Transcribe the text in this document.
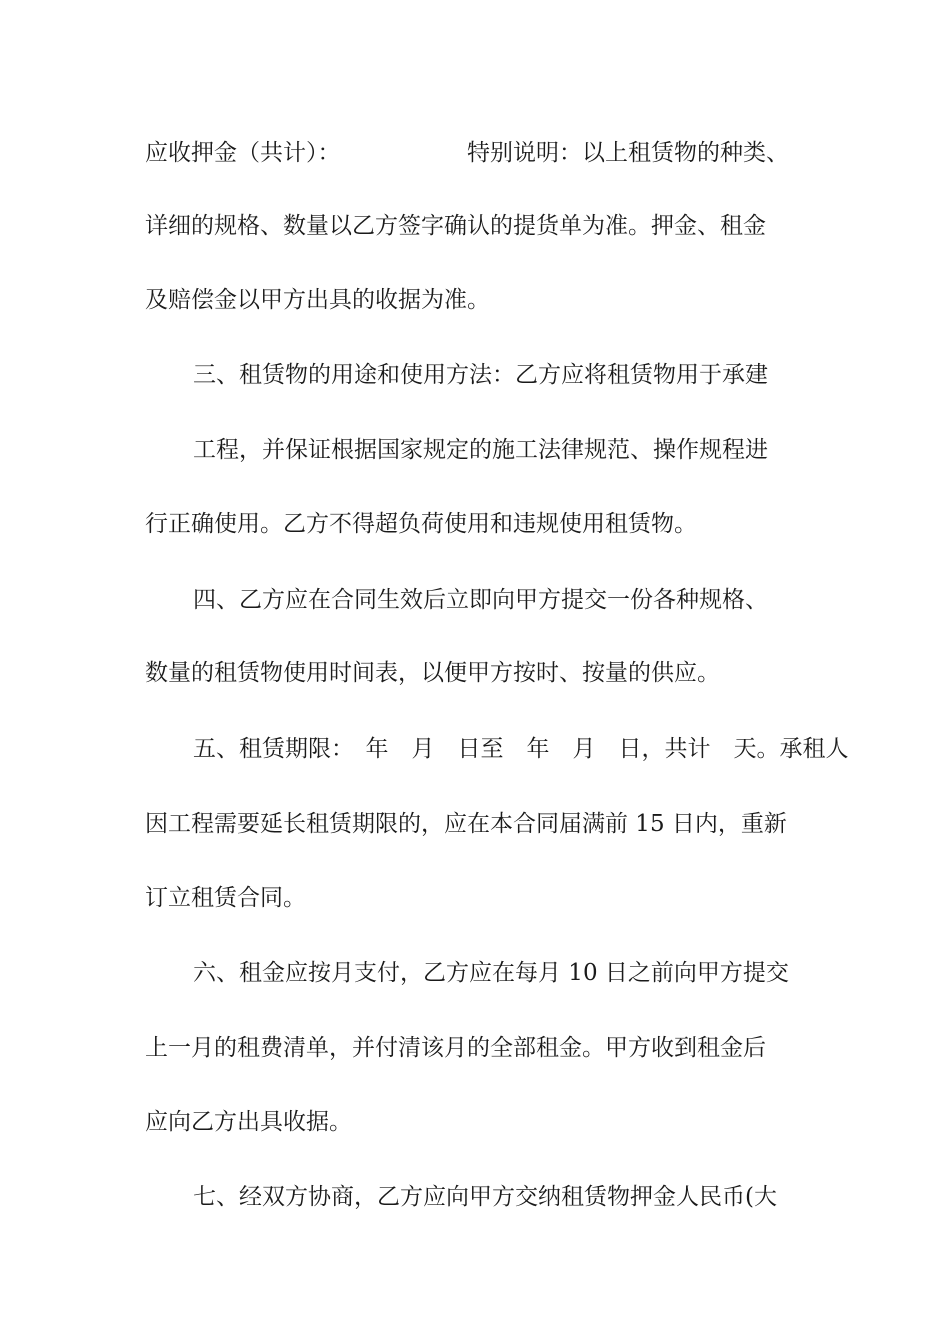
应收押金（共计）：　　　　　　特别说明：以上租赁物的种类、
详细的规格、数量以乙方签字确认的提货单为准。押金、租金
及赔偿金以甲方出具的收据为准。
三、租赁物的用途和使用方法：乙方应将租赁物用于承建
工程，并保证根据国家规定的施工法律规范、操作规程进
行正确使用。乙方不得超负荷使用和违规使用租赁物。
四、乙方应在合同生效后立即向甲方提交一份各种规格、
数量的租赁物使用时间表，以便甲方按时、按量的供应。
五、租赁期限：　年　月　日至　年　月　日，共计　天。承租人
因工程需要延长租赁期限的，应在本合同届满前 15 日内，重新
订立租赁合同。
六、租金应按月支付，乙方应在每月 10 日之前向甲方提交
上一月的租费清单，并付清该月的全部租金。甲方收到租金后
应向乙方出具收据。
七、经双方协商，乙方应向甲方交纳租赁物押金人民币(大
